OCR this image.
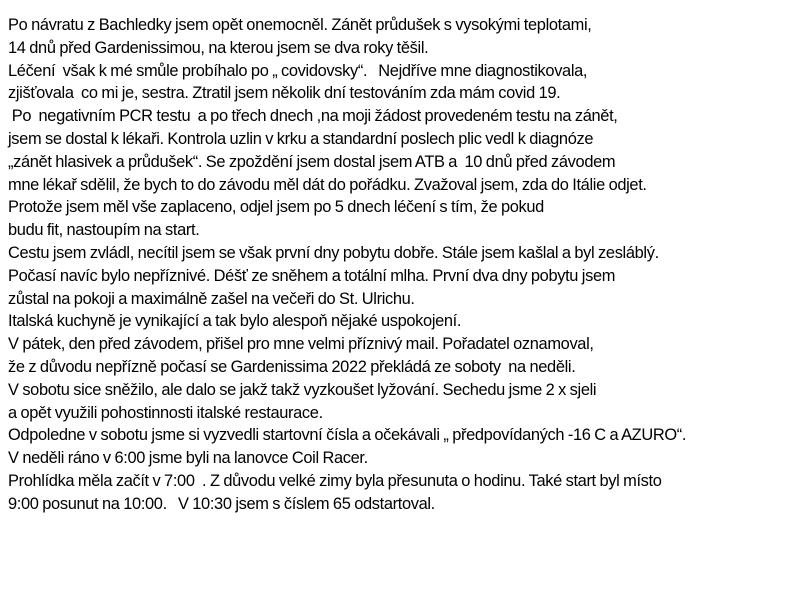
Po návratu z Bachledky jsem opět onemocněl. Zánět průdušek s vysokými teplotami,
14 dnů před Gardenissimou, na kterou jsem se dva roky těšil.
Léčení  však k mé smůle probíhalo po „ covidovsky“.   Nejdříve mne diagnostikovala,
zjišťovala  co mi je, sestra. Ztratil jsem několik dní testováním zda mám covid 19.
Po  negativním PCR testu  a po třech dnech ,na moji žádost provedeném testu na zánět,
jsem se dostal k lékaři. Kontrola uzlin v krku a standardní poslech plic vedl k diagnóze
„zánět hlasivek a průdušek“. Se zpoždění jsem dostal jsem ATB a  10 dnů před závodem
mne lékař sdělil, že bych to do závodu měl dát do pořádku. Zvažoval jsem, zda do Itálie odjet.
Protože jsem měl vše zaplaceno, odjel jsem po 5 dnech léčení s tím, že pokud
budu fit, nastoupím na start.
Cestu jsem zvládl, necítil jsem se však první dny pobytu dobře. Stále jsem kašlal a byl zesláblý.
Počasí navíc bylo nepříznivé. Déšť ze sněhem a totální mlha. První dva dny pobytu jsem
zůstal na pokoji a maximálně zašel na večeři do St. Ulrichu.
Italská kuchyně je vynikající a tak bylo alespoň nějaké uspokojení.
V pátek, den před závodem, přišel pro mne velmi příznivý mail. Pořadatel oznamoval,
že z důvodu nepřízně počasí se Gardenissima 2022 překládá ze soboty  na neděli.
V sobotu sice sněžilo, ale dalo se jakž takž vyzkoušet lyžování. Sechedu jsme 2 x sjeli
a opět využili pohostinnosti italské restaurace.
Odpoledne v sobotu jsme si vyzvedli startovní čísla a očekávali „ předpovídaných -16 C a AZURO“.
V neděli ráno v 6:00 jsme byli na lanovce Coil Racer.
Prohlídka měla začít v 7:00  . Z důvodu velké zimy byla přesunuta o hodinu. Také start byl místo
9:00 posunut na 10:00.   V 10:30 jsem s číslem 65 odstartoval.
